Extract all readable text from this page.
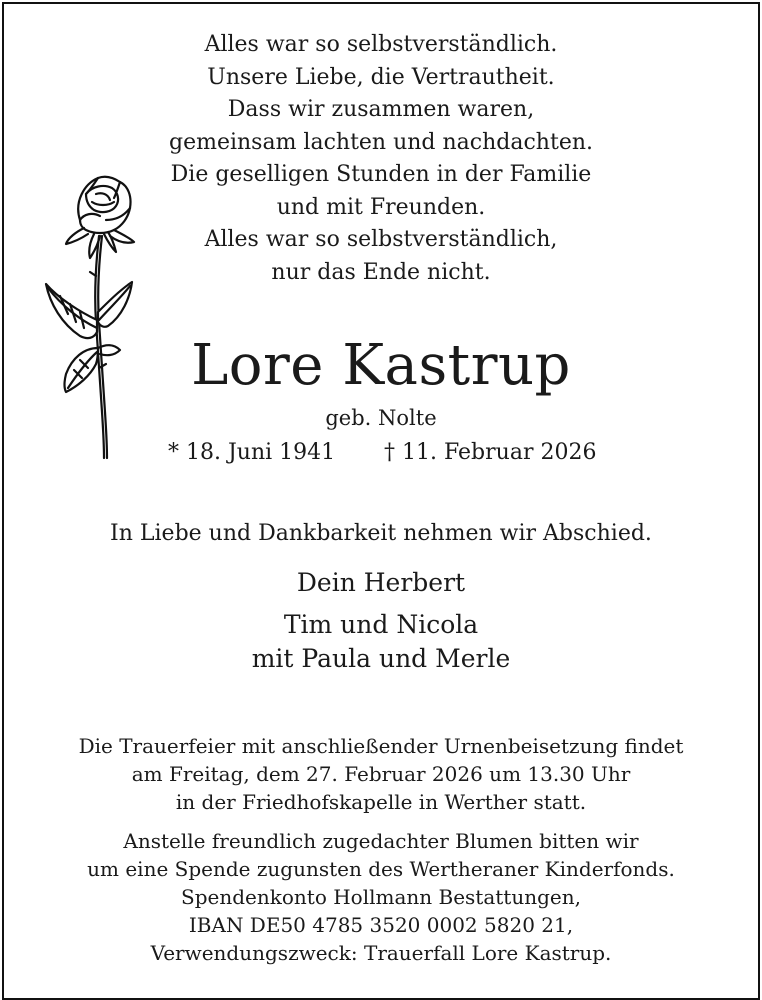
Alles war so selbstverständlich.
Unsere Liebe, die Vertrautheit.
Dass wir zusammen waren,
gemeinsam lachten und nachdachten.
Die geselligen Stunden in der Familie
und mit Freunden.
Alles war so selbstverständlich,
nur das Ende nicht.
Lore Kastrup
geb. Nolte
* 18. Juni 1941 † 11. Februar 2026
In Liebe und Dankbarkeit nehmen wir Abschied.
Dein Herbert
Tim und Nicola
mit Paula und Merle
Die Trauerfeier mit anschließender Urnenbeisetzung findet
am Freitag, dem 27. Februar 2026 um 13.30 Uhr
in der Friedhofskapelle in Werther statt.
Anstelle freundlich zugedachter Blumen bitten wir
um eine Spende zugunsten des Wertheraner Kinderfonds.
Spendenkonto Hollmann Bestattungen,
IBAN DE50 4785 3520 0002 5820 21,
Verwendungszweck: Trauerfall Lore Kastrup.
